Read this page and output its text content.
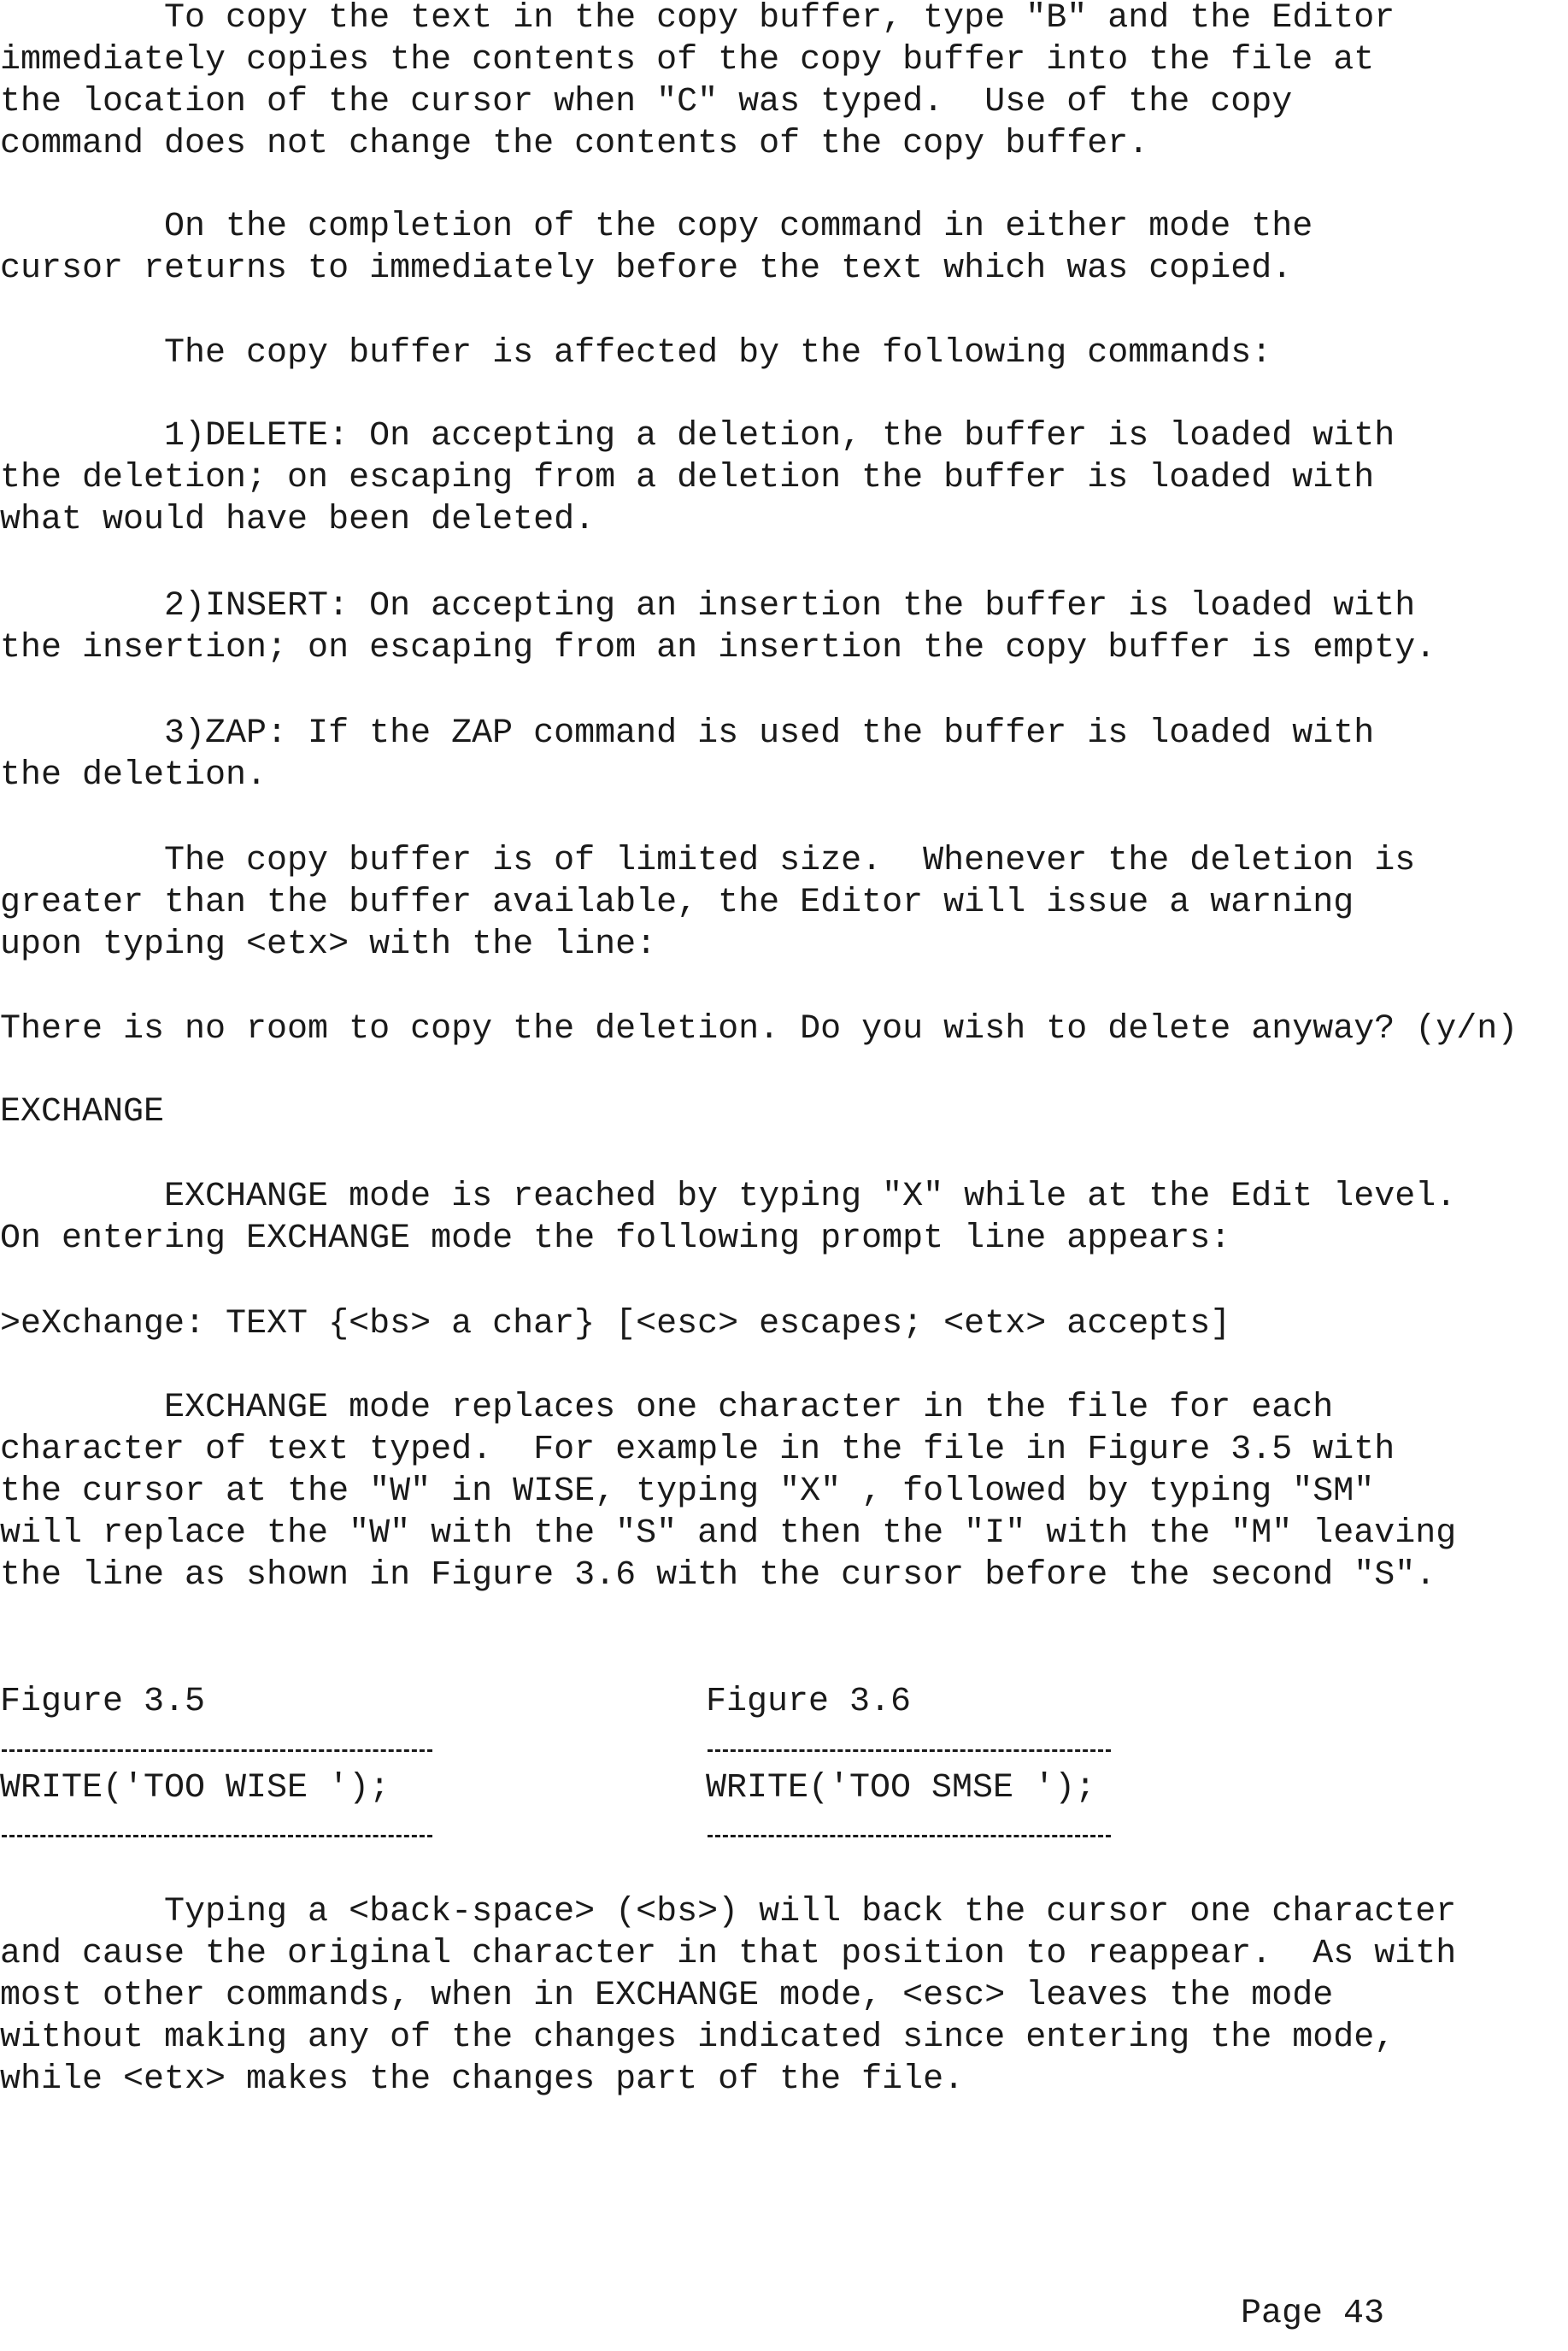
To copy the text in the copy buffer, type "B" and the Editor
immediately copies the contents of the copy buffer into the file at
the location of the cursor when "C" was typed.  Use of the copy
command does not change the contents of the copy buffer.
On the completion of the copy command in either mode the
cursor returns to immediately before the text which was copied.
The copy buffer is affected by the following commands:
1)DELETE: On accepting a deletion, the buffer is loaded with
the deletion; on escaping from a deletion the buffer is loaded with
what would have been deleted.
2)INSERT: On accepting an insertion the buffer is loaded with
the insertion; on escaping from an insertion the copy buffer is empty.
3)ZAP: If the ZAP command is used the buffer is loaded with
the deletion.
The copy buffer is of limited size.  Whenever the deletion is
greater than the buffer available, the Editor will issue a warning
upon typing <etx> with the line:
There is no room to copy the deletion. Do you wish to delete anyway? (y/n)
EXCHANGE
EXCHANGE mode is reached by typing "X" while at the Edit level.
On entering EXCHANGE mode the following prompt line appears:
>eXchange: TEXT {<bs> a char} [<esc> escapes; <etx> accepts]
EXCHANGE mode replaces one character in the file for each
character of text typed.  For example in the file in Figure 3.5 with
the cursor at the "W" in WISE, typing "X" , followed by typing "SM"
will replace the "W" with the "S" and then the "I" with the "M" leaving
the line as shown in Figure 3.6 with the cursor before the second "S".
Figure 3.5
WRITE('TOO WISE ');
Figure 3.6
WRITE('TOO SMSE ');
Typing a <back-space> (<bs>) will back the cursor one character
and cause the original character in that position to reappear.  As with
most other commands, when in EXCHANGE mode, <esc> leaves the mode
without making any of the changes indicated since entering the mode,
while <etx> makes the changes part of the file.
Page 43
